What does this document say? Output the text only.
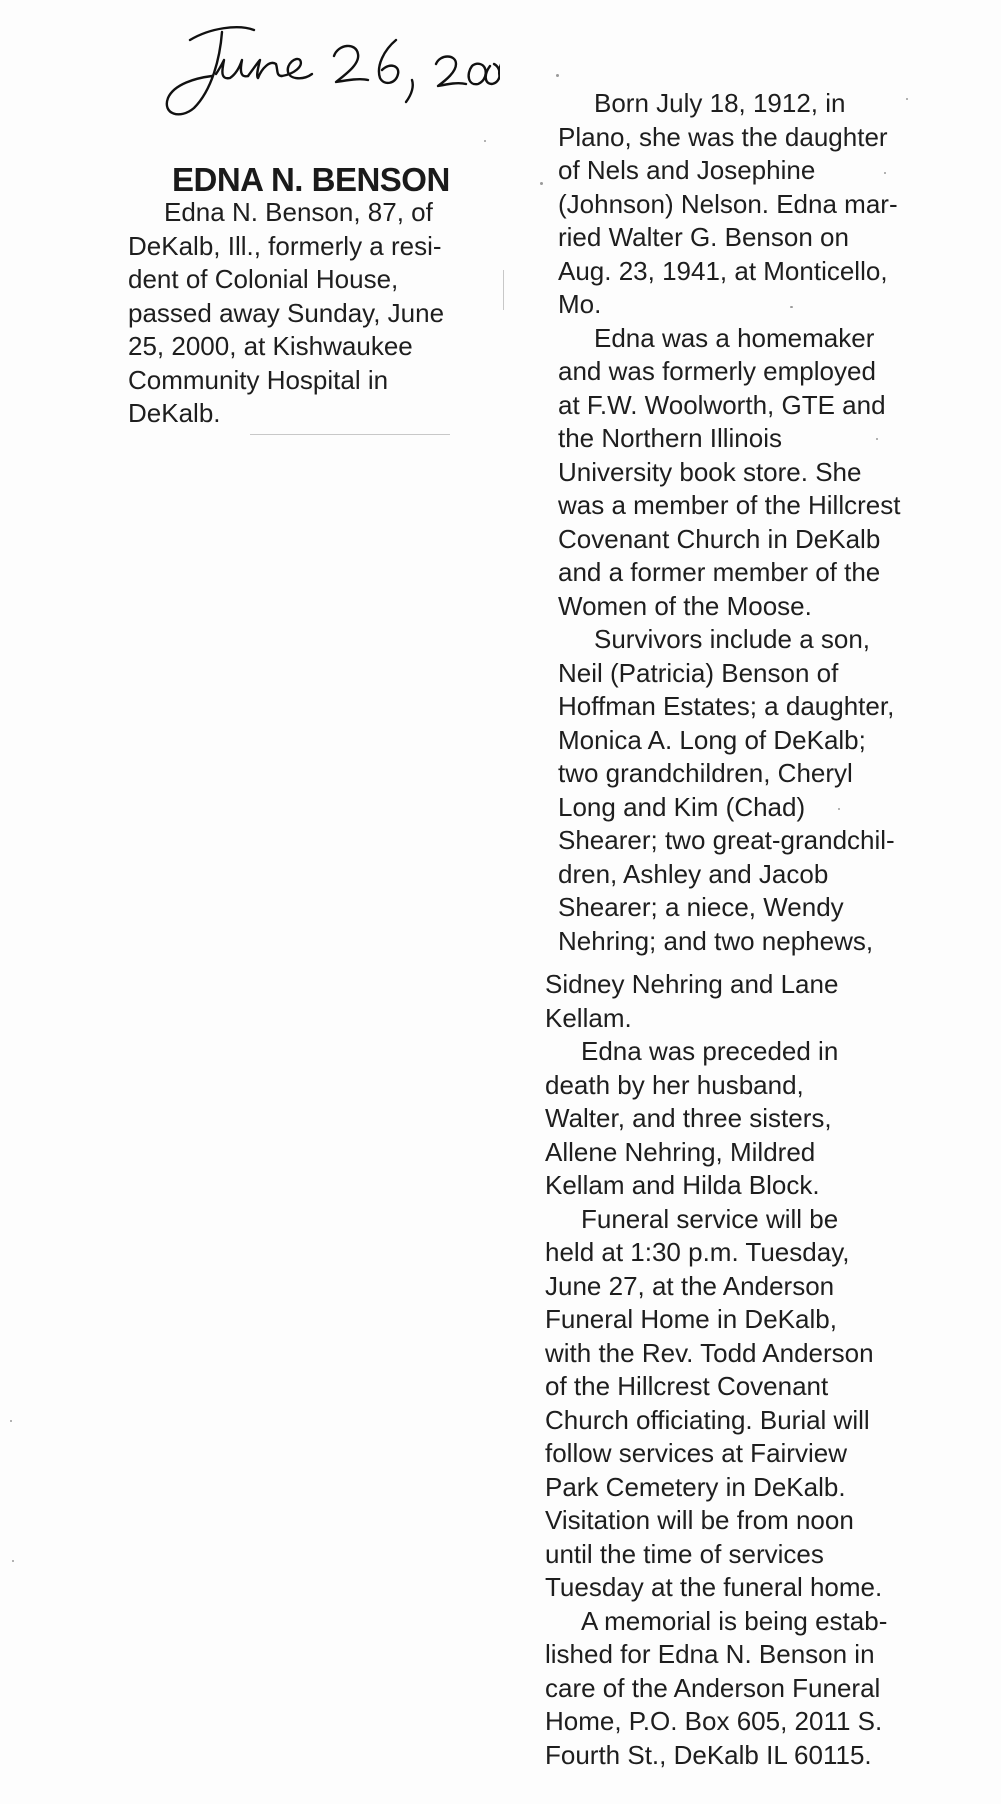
EDNA N. BENSON
Edna N. Benson, 87, of
DeKalb, Ill., formerly a resi-
dent of Colonial House,
passed away Sunday, June
25, 2000, at Kishwaukee
Community Hospital in
DeKalb.
Born July 18, 1912, in
Plano, she was the daughter
of Nels and Josephine
(Johnson) Nelson. Edna mar-
ried Walter G. Benson on
Aug. 23, 1941, at Monticello,
Mo.
Edna was a homemaker
and was formerly employed
at F.W. Woolworth, GTE and
the Northern Illinois
University book store. She
was a member of the Hillcrest
Covenant Church in DeKalb
and a former member of the
Women of the Moose.
Survivors include a son,
Neil (Patricia) Benson of
Hoffman Estates; a daughter,
Monica A. Long of DeKalb;
two grandchildren, Cheryl
Long and Kim (Chad)
Shearer; two great-grandchil-
dren, Ashley and Jacob
Shearer; a niece, Wendy
Nehring; and two nephews,
Sidney Nehring and Lane
Kellam.
Edna was preceded in
death by her husband,
Walter, and three sisters,
Allene Nehring, Mildred
Kellam and Hilda Block.
Funeral service will be
held at 1:30 p.m. Tuesday,
June 27, at the Anderson
Funeral Home in DeKalb,
with the Rev. Todd Anderson
of the Hillcrest Covenant
Church officiating. Burial will
follow services at Fairview
Park Cemetery in DeKalb.
Visitation will be from noon
until the time of services
Tuesday at the funeral home.
A memorial is being estab-
lished for Edna N. Benson in
care of the Anderson Funeral
Home, P.O. Box 605, 2011 S.
Fourth St., DeKalb IL 60115.
